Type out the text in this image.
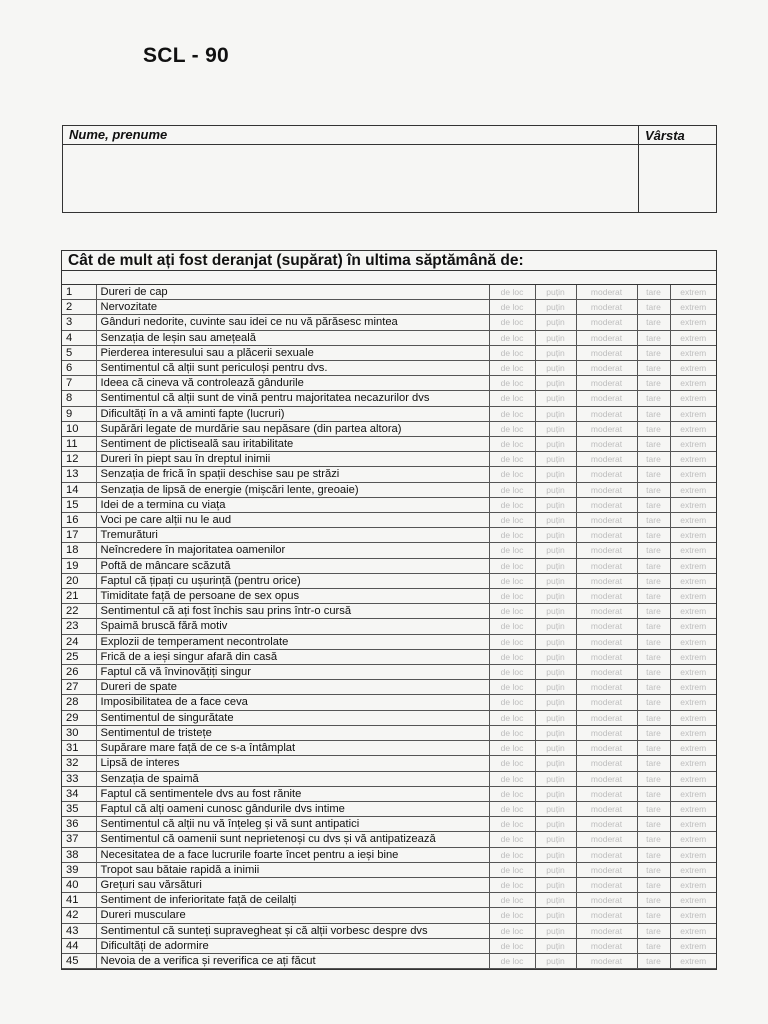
SCL - 90
Nume, prenume	Vârsta
Cât de mult ați fost deranjat (supărat) în ultima săptămână de:
1	Dureri de cap	de loc	puțin	moderat	tare	extrem
2	Nervozitate	de loc	puțin	moderat	tare	extrem
3	Gânduri nedorite, cuvinte sau idei ce nu vă părăsesc mintea	de loc	puțin	moderat	tare	extrem
4	Senzația de leșin sau amețeală	de loc	puțin	moderat	tare	extrem
5	Pierderea interesului sau a plăcerii sexuale	de loc	puțin	moderat	tare	extrem
6	Sentimentul că alții sunt periculoși pentru dvs.	de loc	puțin	moderat	tare	extrem
7	Ideea că cineva vă controlează gândurile	de loc	puțin	moderat	tare	extrem
8	Sentimentul că alții sunt de vină pentru majoritatea necazurilor dvs	de loc	puțin	moderat	tare	extrem
9	Dificultăți în a vă aminti fapte (lucruri)	de loc	puțin	moderat	tare	extrem
10	Supărări legate de murdărie sau nepăsare (din partea altora)	de loc	puțin	moderat	tare	extrem
11	Sentiment de plictiseală sau iritabilitate	de loc	puțin	moderat	tare	extrem
12	Dureri în piept sau în dreptul inimii	de loc	puțin	moderat	tare	extrem
13	Senzația de frică în spații deschise sau pe străzi	de loc	puțin	moderat	tare	extrem
14	Senzația de lipsă de energie (mișcări lente, greoaie)	de loc	puțin	moderat	tare	extrem
15	Idei de a termina cu viața	de loc	puțin	moderat	tare	extrem
16	Voci pe care alții nu le aud	de loc	puțin	moderat	tare	extrem
17	Tremurături	de loc	puțin	moderat	tare	extrem
18	Neîncredere în majoritatea oamenilor	de loc	puțin	moderat	tare	extrem
19	Poftă de mâncare scăzută	de loc	puțin	moderat	tare	extrem
20	Faptul că țipați cu ușurință (pentru orice)	de loc	puțin	moderat	tare	extrem
21	Timiditate față de persoane de sex opus	de loc	puțin	moderat	tare	extrem
22	Sentimentul că ați fost închis sau prins într-o cursă	de loc	puțin	moderat	tare	extrem
23	Spaimă bruscă fără motiv	de loc	puțin	moderat	tare	extrem
24	Explozii de temperament necontrolate	de loc	puțin	moderat	tare	extrem
25	Frică de a ieși singur afară din casă	de loc	puțin	moderat	tare	extrem
26	Faptul că vă învinovățiți singur	de loc	puțin	moderat	tare	extrem
27	Dureri de spate	de loc	puțin	moderat	tare	extrem
28	Imposibilitatea de a face ceva	de loc	puțin	moderat	tare	extrem
29	Sentimentul de singurătate	de loc	puțin	moderat	tare	extrem
30	Sentimentul de tristețe	de loc	puțin	moderat	tare	extrem
31	Supărare mare față de ce s-a întâmplat	de loc	puțin	moderat	tare	extrem
32	Lipsă de interes	de loc	puțin	moderat	tare	extrem
33	Senzația de spaimă	de loc	puțin	moderat	tare	extrem
34	Faptul că sentimentele dvs au fost rănite	de loc	puțin	moderat	tare	extrem
35	Faptul că alți oameni cunosc gândurile dvs intime	de loc	puțin	moderat	tare	extrem
36	Sentimentul că alții nu vă înțeleg și vă sunt antipatici	de loc	puțin	moderat	tare	extrem
37	Sentimentul că oamenii sunt neprietenoși cu dvs și vă antipatizează	de loc	puțin	moderat	tare	extrem
38	Necesitatea de a face lucrurile foarte încet pentru a ieși bine	de loc	puțin	moderat	tare	extrem
39	Tropot sau bătaie rapidă a inimii	de loc	puțin	moderat	tare	extrem
40	Grețuri sau vărsături	de loc	puțin	moderat	tare	extrem
41	Sentiment de inferioritate față de ceilalți	de loc	puțin	moderat	tare	extrem
42	Dureri musculare	de loc	puțin	moderat	tare	extrem
43	Sentimentul că sunteți supravegheat și că alții vorbesc despre dvs	de loc	puțin	moderat	tare	extrem
44	Dificultăți de adormire	de loc	puțin	moderat	tare	extrem
45	Nevoia de a verifica și reverifica ce ați făcut	de loc	puțin	moderat	tare	extrem
